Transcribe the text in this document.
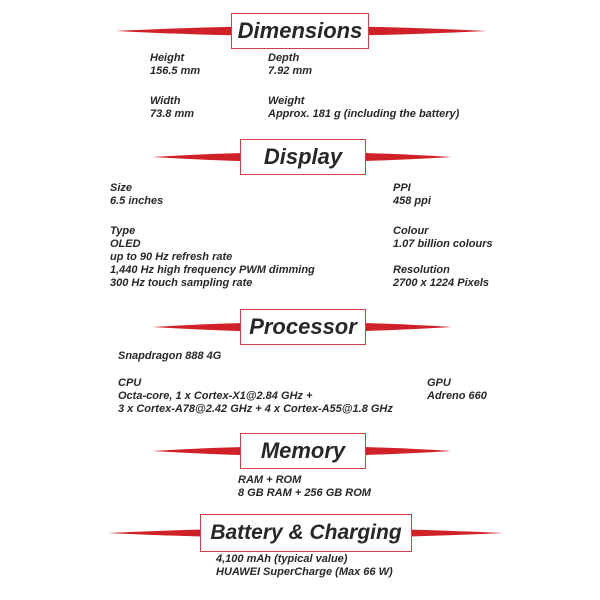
Dimensions
Height
156.5 mm
Depth
7.92 mm
Width
73.8 mm
Weight
Approx. 181 g (including the battery)
Display
Size
6.5 inches
Type
OLED
up to 90 Hz refresh rate
1,440 Hz high frequency PWM dimming
300 Hz touch sampling rate
PPI
458 ppi
Colour
1.07 billion colours
Resolution
2700 x 1224 Pixels
Processor
Snapdragon 888 4G
CPU
Octa-core, 1 x Cortex-X1@2.84 GHz +
3 x Cortex-A78@2.42 GHz + 4 x Cortex-A55@1.8 GHz
GPU
Adreno 660
Memory
RAM + ROM
8 GB RAM + 256 GB ROM
Battery & Charging
4,100 mAh (typical value)
HUAWEI SuperCharge (Max 66 W)
